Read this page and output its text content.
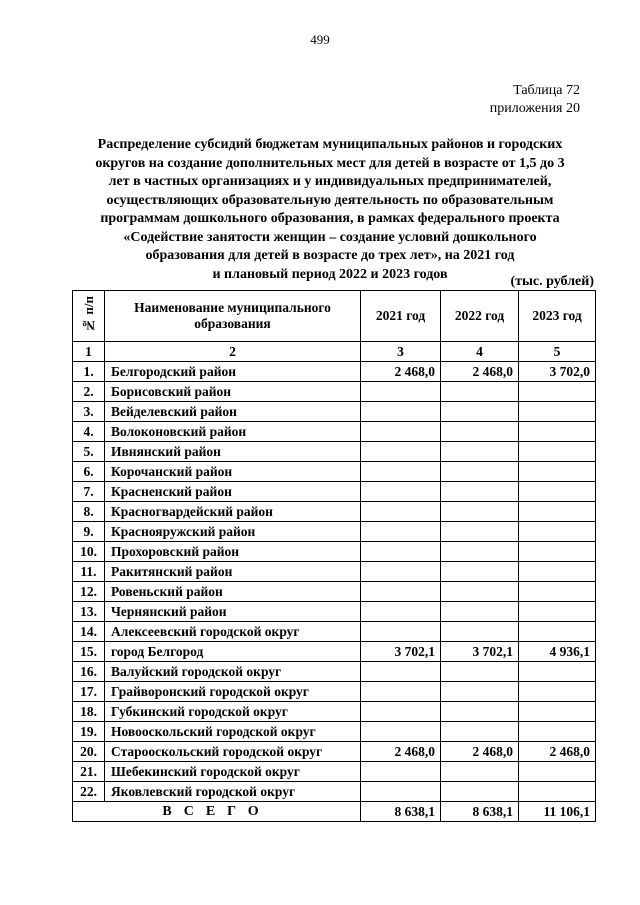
499
Таблица 72
приложения 20
Распределение субсидий бюджетам муниципальных районов и городских
округов на создание дополнительных мест для детей в возрасте от 1,5 до 3
лет в частных организациях и у индивидуальных предпринимателей,
осуществляющих образовательную деятельность по образовательным
программам дошкольного образования, в рамках федерального проекта
«Содействие занятости женщин – создание условий дошкольного
образования для детей в возрасте до трех лет», на 2021 год
и плановый период 2022 и 2023 годов	(тыс. рублей)
№ п/п	Наименование муниципального образования	2021 год	2022 год	2023 год
1	2	3	4	5
1.	Белгородский район	2 468,0	2 468,0	3 702,0
2.	Борисовский район			
3.	Вейделевский район			
4.	Волоконовский район			
5.	Ивнянский район			
6.	Корочанский район			
7.	Красненский район			
8.	Красногвардейский район			
9.	Краснояружский район			
10.	Прохоровский район			
11.	Ракитянский район			
12.	Ровеньский район			
13.	Чернянский район			
14.	Алексеевский городской округ			
15.	город Белгород	3 702,1	3 702,1	4 936,1
16.	Валуйский городской округ			
17.	Грайворонский городской округ			
18.	Губкинский городской округ			
19.	Новооскольский городской округ			
20.	Старооскольский городской округ	2 468,0	2 468,0	2 468,0
21.	Шебекинский городской округ			
22.	Яковлевский городской округ			
ВСЕГО		8 638,1	8 638,1	11 106,1
